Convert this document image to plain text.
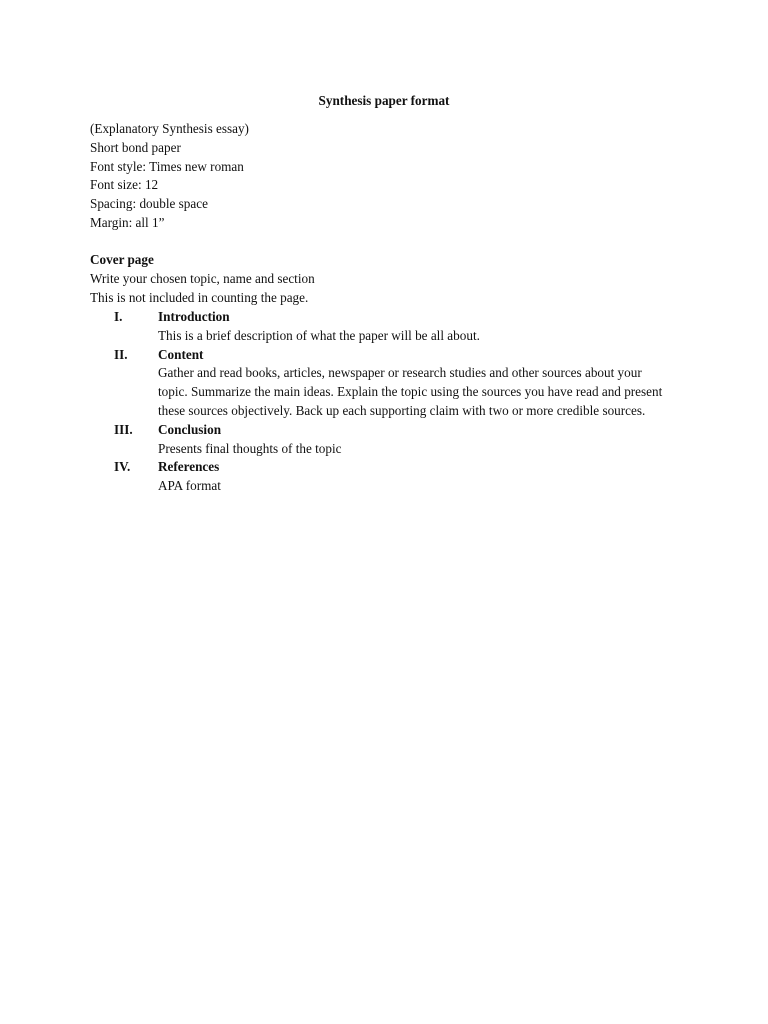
Synthesis paper format
(Explanatory Synthesis essay)
Short bond paper
Font style: Times new roman
Font size: 12
Spacing: double space
Margin: all 1”
Cover page
Write your chosen topic, name and section
This is not included in counting the page.
I.	Introduction
This is a brief description of what the paper will be all about.
II. Content
Gather and read books, articles, newspaper or research studies and other sources about your topic. Summarize the main ideas. Explain the topic using the sources you have read and present these sources objectively. Back up each supporting claim with two or more credible sources.
III. Conclusion
Presents final thoughts of the topic
IV. References
APA format
